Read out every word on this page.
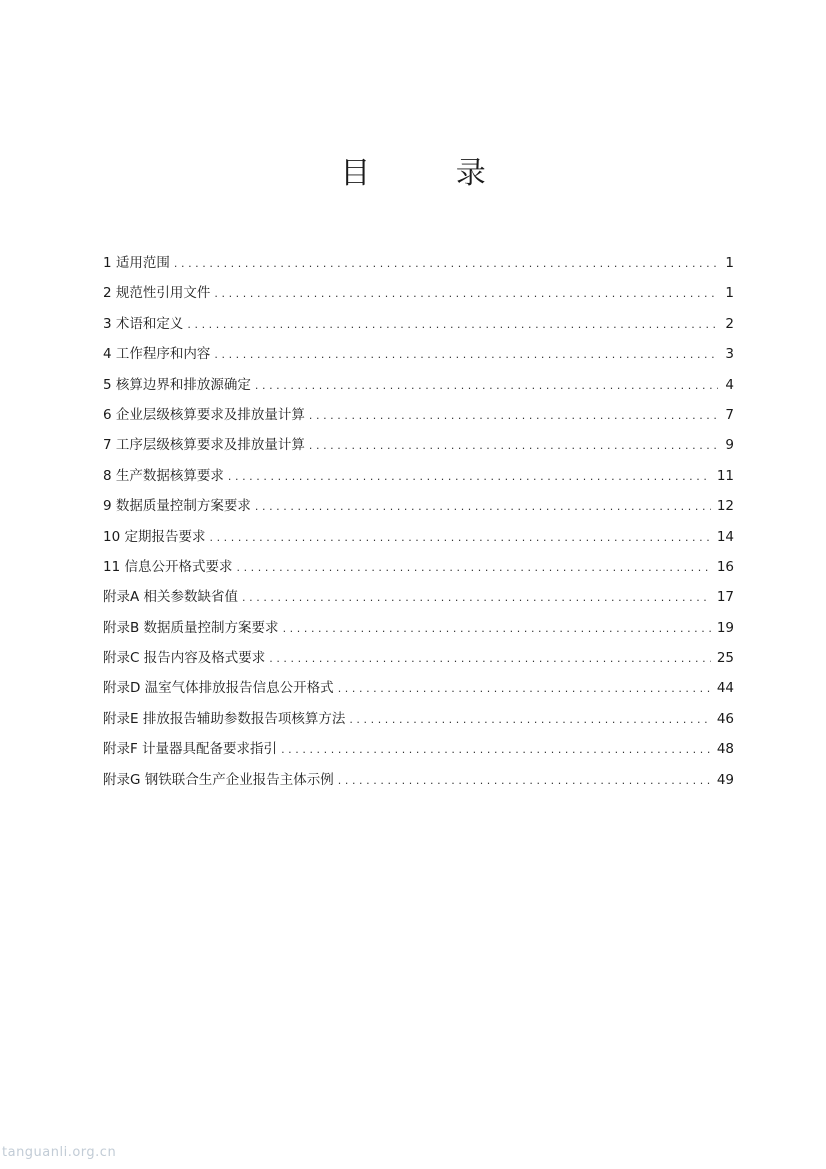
目 录
1 适用范围 .....	1
2 规范性引用文件 .....	1
3 术语和定义 .....	2
4 工作程序和内容 .....	3
5 核算边界和排放源确定 .....	4
6 企业层级核算要求及排放量计算 .....	7
7 工序层级核算要求及排放量计算 .....	9
8 生产数据核算要求 .....	11
9 数据质量控制方案要求 .....	12
10 定期报告要求 .....	14
11 信息公开格式要求 .....	16
附录A 相关参数缺省值 .....	17
附录B 数据质量控制方案要求 .....	19
附录C 报告内容及格式要求 .....	25
附录D 温室气体排放报告信息公开格式 .....	44
附录E 排放报告辅助参数报告项核算方法 .....	46
附录F 计量器具配备要求指引 .....	48
附录G 钢铁联合生产企业报告主体示例 .....	49
tanguanli.org.cn
